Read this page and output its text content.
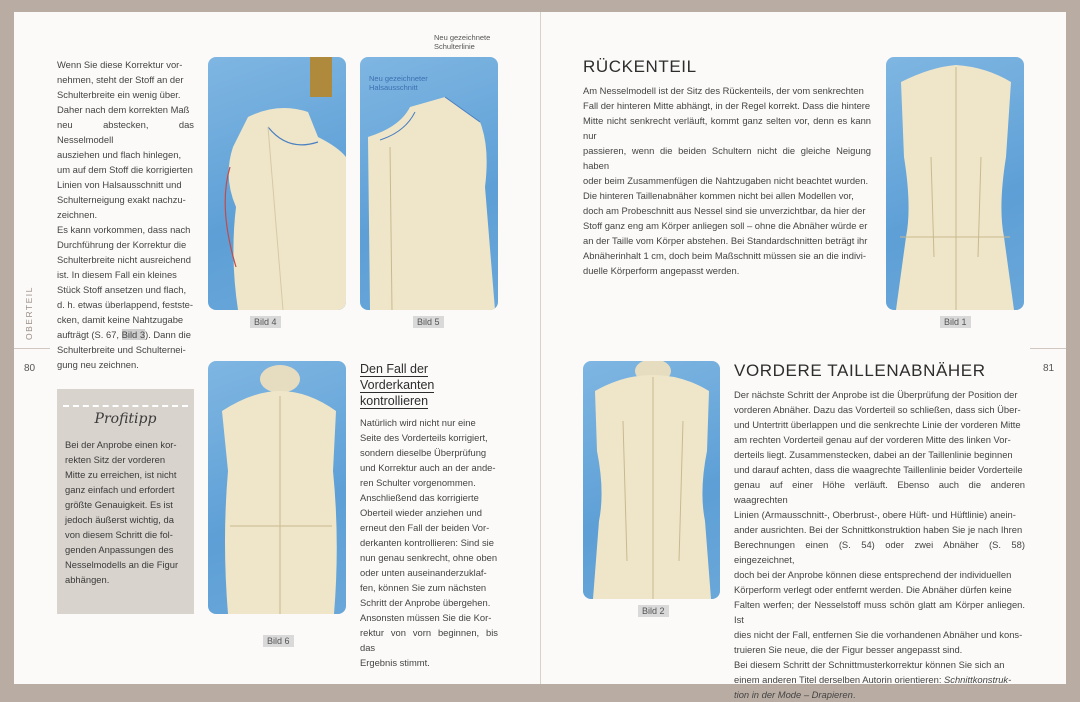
Wenn Sie diese Korrektur vor-
nehmen, steht der Stoff an der
Schulterbreite ein wenig über.
Daher nach dem korrekten Maß
neu abstecken, das Nesselmodell
ausziehen und flach hinlegen,
um auf dem Stoff die korrigierten
Linien von Halsausschnitt und
Schulterneigung exakt nachzu-
zeichnen.
Es kann vorkommen, dass nach
Durchführung der Korrektur die
Schulterbreite nicht ausreichend
ist. In diesem Fall ein kleines
Stück Stoff ansetzen und flach,
d. h. etwas überlappend, festste-
cken, damit keine Nahtzugabe
aufträgt (S. 67, Bild 3). Dann die
Schulterbreite und Schulternei-
gung neu zeichnen.
OBERTEIL
80
Bild 4
Neu gezeichnete
Schulterlinie
Neu gezeichneter
Halsausschnitt
Bild 5
Profitipp
Bei der Anprobe einen kor-
rekten Sitz der vorderen
Mitte zu erreichen, ist nicht
ganz einfach und erfordert
größte Genauigkeit. Es ist
jedoch äußerst wichtig, da
von diesem Schritt die fol-
genden Anpassungen des
Nesselmodells an die Figur
abhängen.
Bild 6
Den Fall der
Vorderkanten
kontrollieren
Natürlich wird nicht nur eine
Seite des Vorderteils korrigiert,
sondern dieselbe Überprüfung
und Korrektur auch an der ande-
ren Schulter vorgenommen.
Anschließend das korrigierte
Oberteil wieder anziehen und
erneut den Fall der beiden Vor-
derkanten kontrollieren: Sind sie
nun genau senkrecht, ohne oben
oder unten auseinanderzuklaf-
fen, können Sie zum nächsten
Schritt der Anprobe übergehen.
Ansonsten müssen Sie die Kor-
rektur von vorn beginnen, bis das
Ergebnis stimmt.
RÜCKENTEIL
Am Nesselmodell ist der Sitz des Rückenteils, der vom senkrechten
Fall der hinteren Mitte abhängt, in der Regel korrekt. Dass die hintere
Mitte nicht senkrecht verläuft, kommt ganz selten vor, denn es kann nur
passieren, wenn die beiden Schultern nicht die gleiche Neigung haben
oder beim Zusammenfügen die Nahtzugaben nicht beachtet wurden.
Die hinteren Taillenabnäher kommen nicht bei allen Modellen vor,
doch am Probeschnitt aus Nessel sind sie unverzichtbar, da hier der
Stoff ganz eng am Körper anliegen soll – ohne die Abnäher würde er
an der Taille vom Körper abstehen. Bei Standardschnitten beträgt ihr
Abnäherinhalt 1 cm, doch beim Maßschnitt müssen sie an die indivi-
duelle Körperform angepasst werden.
Bild 1
81
Bild 2
VORDERE TAILLENABNÄHER
Der nächste Schritt der Anprobe ist die Überprüfung der Position der
vorderen Abnäher. Dazu das Vorderteil so schließen, dass sich Über-
und Untertritt überlappen und die senkrechte Linie der vorderen Mitte
am rechten Vorderteil genau auf der vorderen Mitte des linken Vor-
derteils liegt. Zusammenstecken, dabei an der Taillenlinie beginnen
und darauf achten, dass die waagrechte Taillenlinie beider Vorderteile
genau auf einer Höhe verläuft. Ebenso auch die anderen waagrechten
Linien (Armausschnitt-, Oberbrust-, obere Hüft- und Hüftlinie) anein-
ander ausrichten. Bei der Schnittkonstruktion haben Sie je nach Ihren
Berechnungen einen (S. 54) oder zwei Abnäher (S. 58) eingezeichnet,
doch bei der Anprobe können diese entsprechend der individuellen
Körperform verlegt oder entfernt werden. Die Abnäher dürfen keine
Falten werfen; der Nesselstoff muss schön glatt am Körper anliegen. Ist
dies nicht der Fall, entfernen Sie die vorhandenen Abnäher und kons-
truieren Sie neue, die der Figur besser angepasst sind.
Bei diesem Schritt der Schnittmusterkorrektur können Sie sich an
einem anderen Titel derselben Autorin orientieren: Schnittkonstruk-
tion in der Mode – Drapieren.
